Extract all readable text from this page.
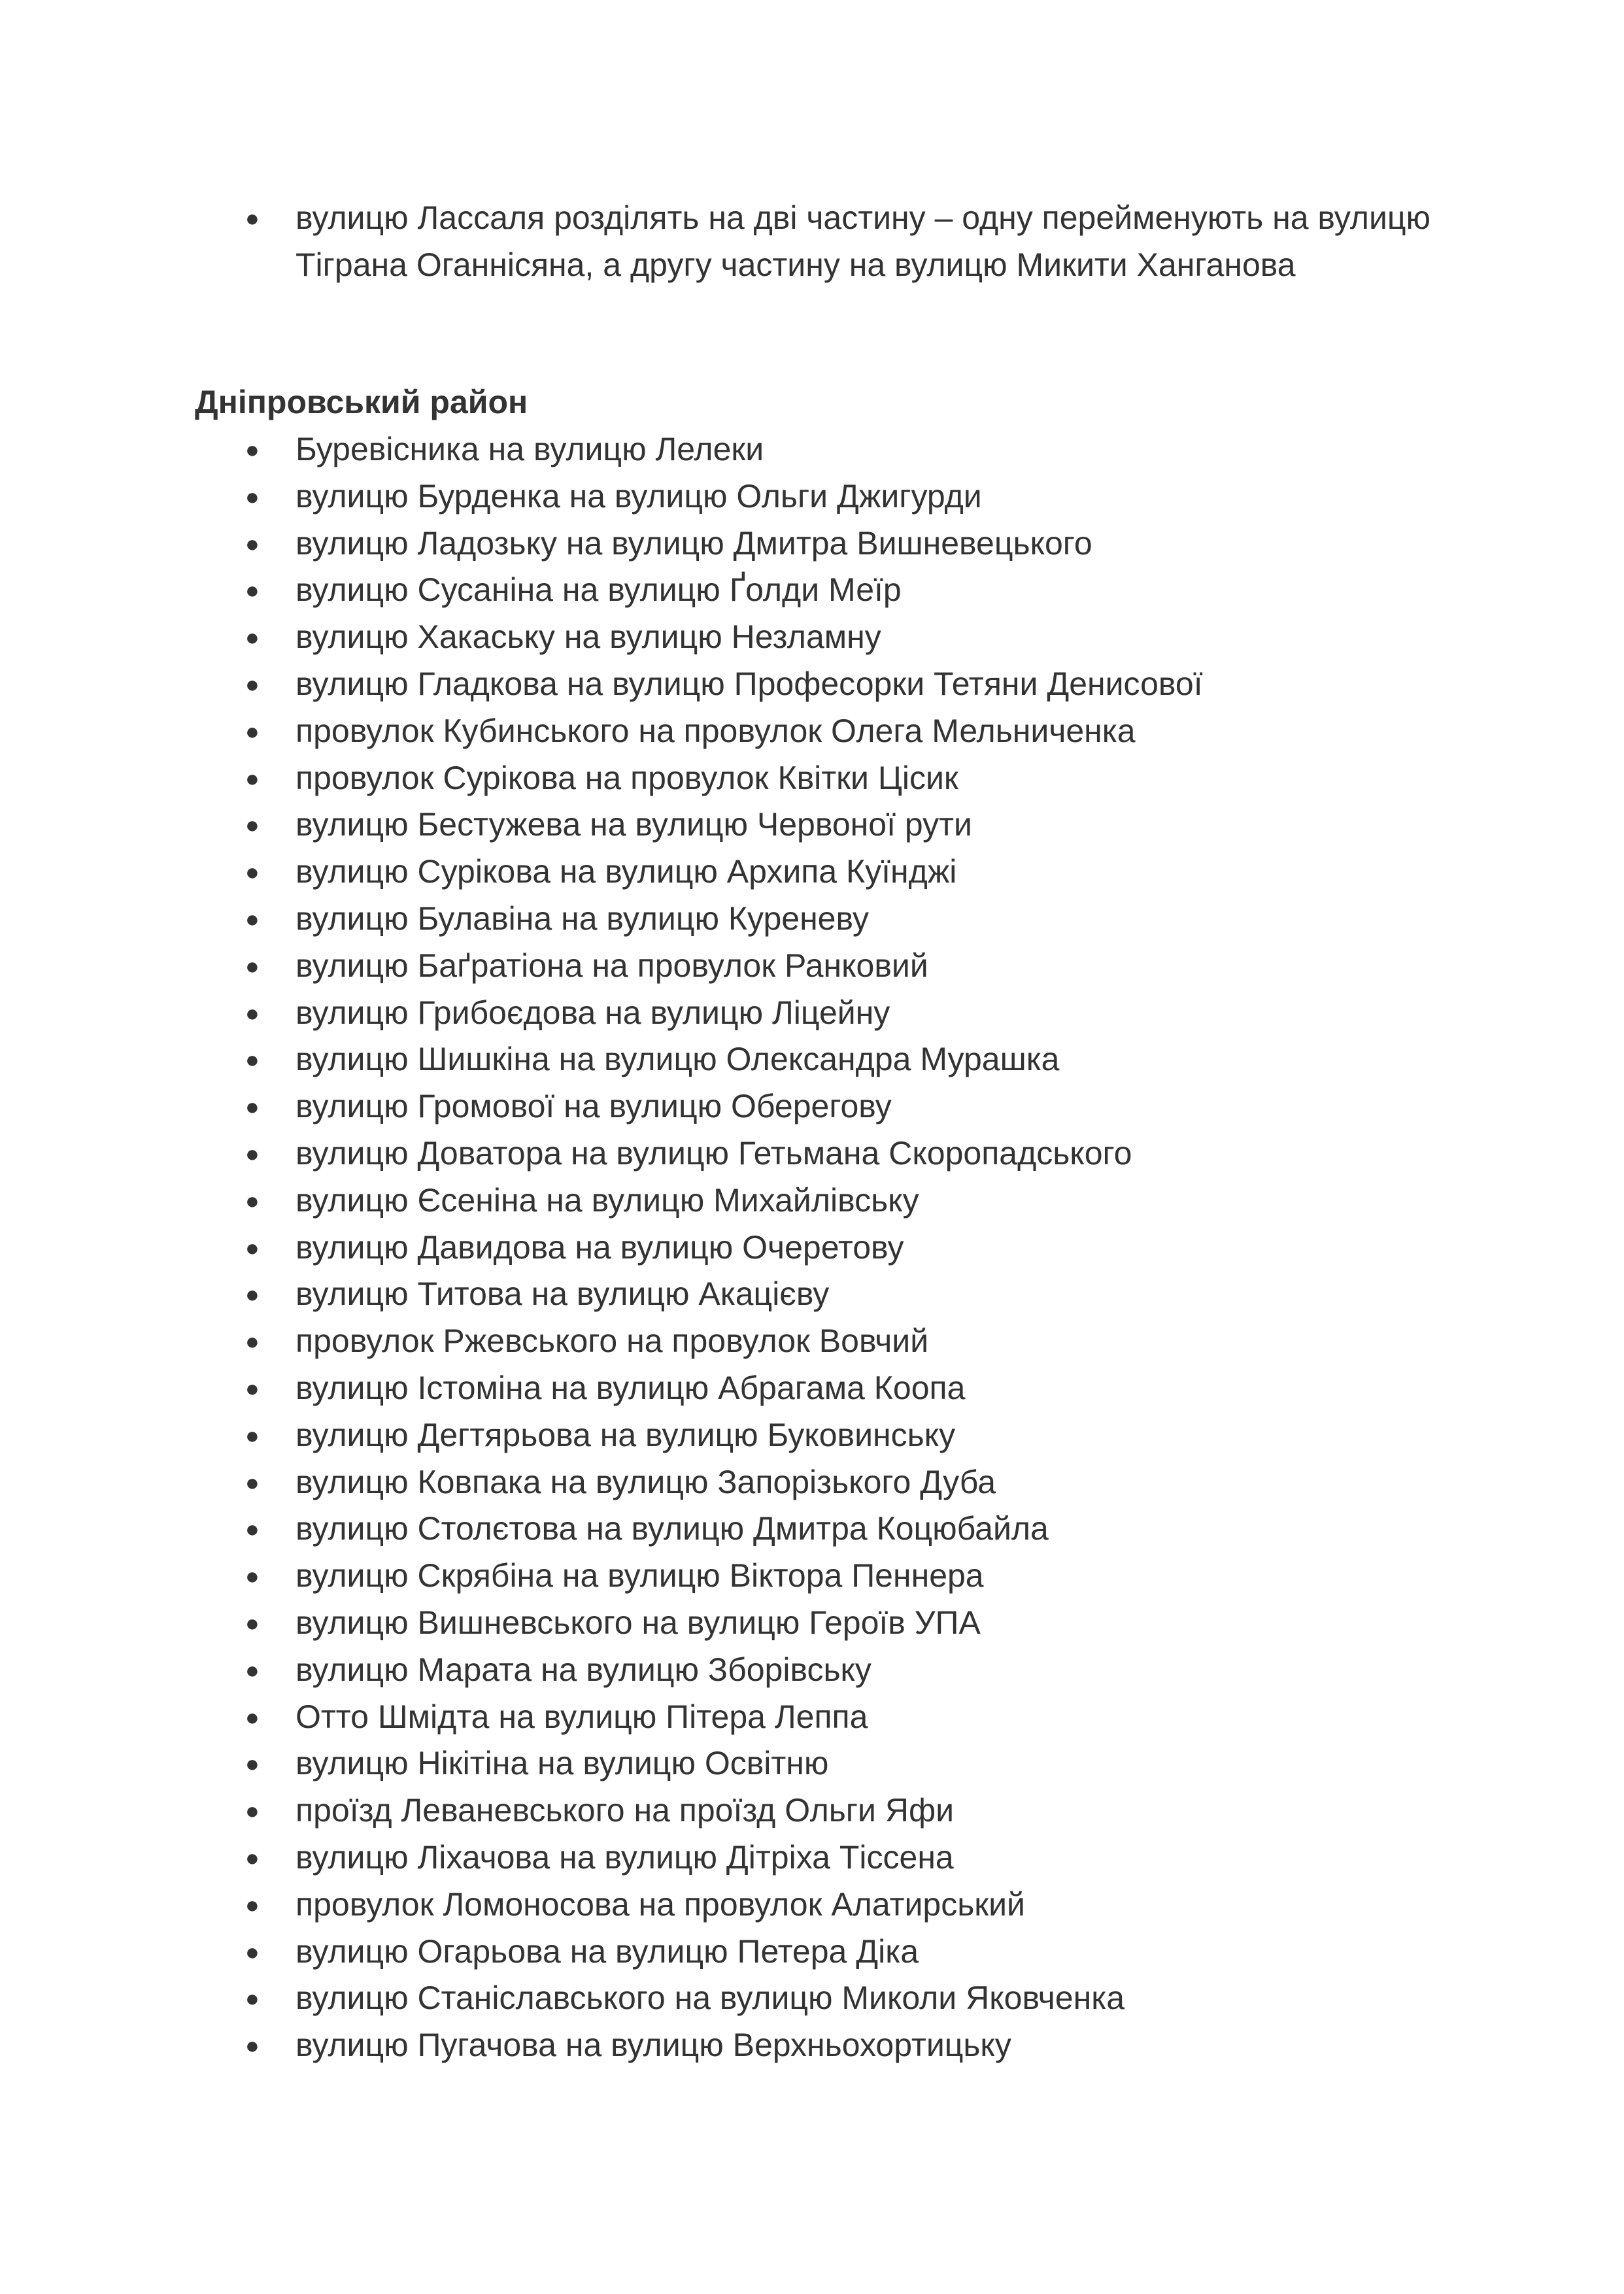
● вулицю Лассаля розділять на дві частину – одну перейменують на вулицю Тіграна Оганнісяна, а другу частину на вулицю Микити Ханганова
Дніпровський район
● Буревісника на вулицю Лелеки
● вулицю Бурденка на вулицю Ольги Джигурди
● вулицю Ладозьку на вулицю Дмитра Вишневецького
● вулицю Сусаніна на вулицю Ґолди Меїр
● вулицю Хакаську на вулицю Незламну
● вулицю Гладкова на вулицю Професорки Тетяни Денисової
● провулок Кубинського на провулок Олега Мельниченка
● провулок Сурікова на провулок Квітки Цісик
● вулицю Бестужева на вулицю Червоної рути
● вулицю Сурікова на вулицю Архипа Куїнджі
● вулицю Булавіна на вулицю Куреневу
● вулицю Баґратіона на провулок Ранковий
● вулицю Грибоєдова на вулицю Ліцейну
● вулицю Шишкіна на вулицю Олександра Мурашка
● вулицю Громової на вулицю Оберегову
● вулицю Доватора на вулицю Гетьмана Скоропадського
● вулицю Єсеніна на вулицю Михайлівську
● вулицю Давидова на вулицю Очеретову
● вулицю Титова на вулицю Акацієву
● провулок Ржевського на провулок Вовчий
● вулицю Істоміна на вулицю Абрагама Коопа
● вулицю Дегтярьова на вулицю Буковинську
● вулицю Ковпака на вулицю Запорізького Дуба
● вулицю Столєтова на вулицю Дмитра Коцюбайла
● вулицю Скрябіна на вулицю Віктора Пеннера
● вулицю Вишневського на вулицю Героїв УПА
● вулицю Марата на вулицю Зборівську
● Отто Шмідта на вулицю Пітера Леппа
● вулицю Нікітіна на вулицю Освітню
● проїзд Леваневського на проїзд Ольги Яфи
● вулицю Ліхачова на вулицю Дітріха Тіссена
● провулок Ломоносова на провулок Алатирський
● вулицю Огарьова на вулицю Петера Діка
● вулицю Станіславського на вулицю Миколи Яковченка
● вулицю Пугачова на вулицю Верхньохортицьку
